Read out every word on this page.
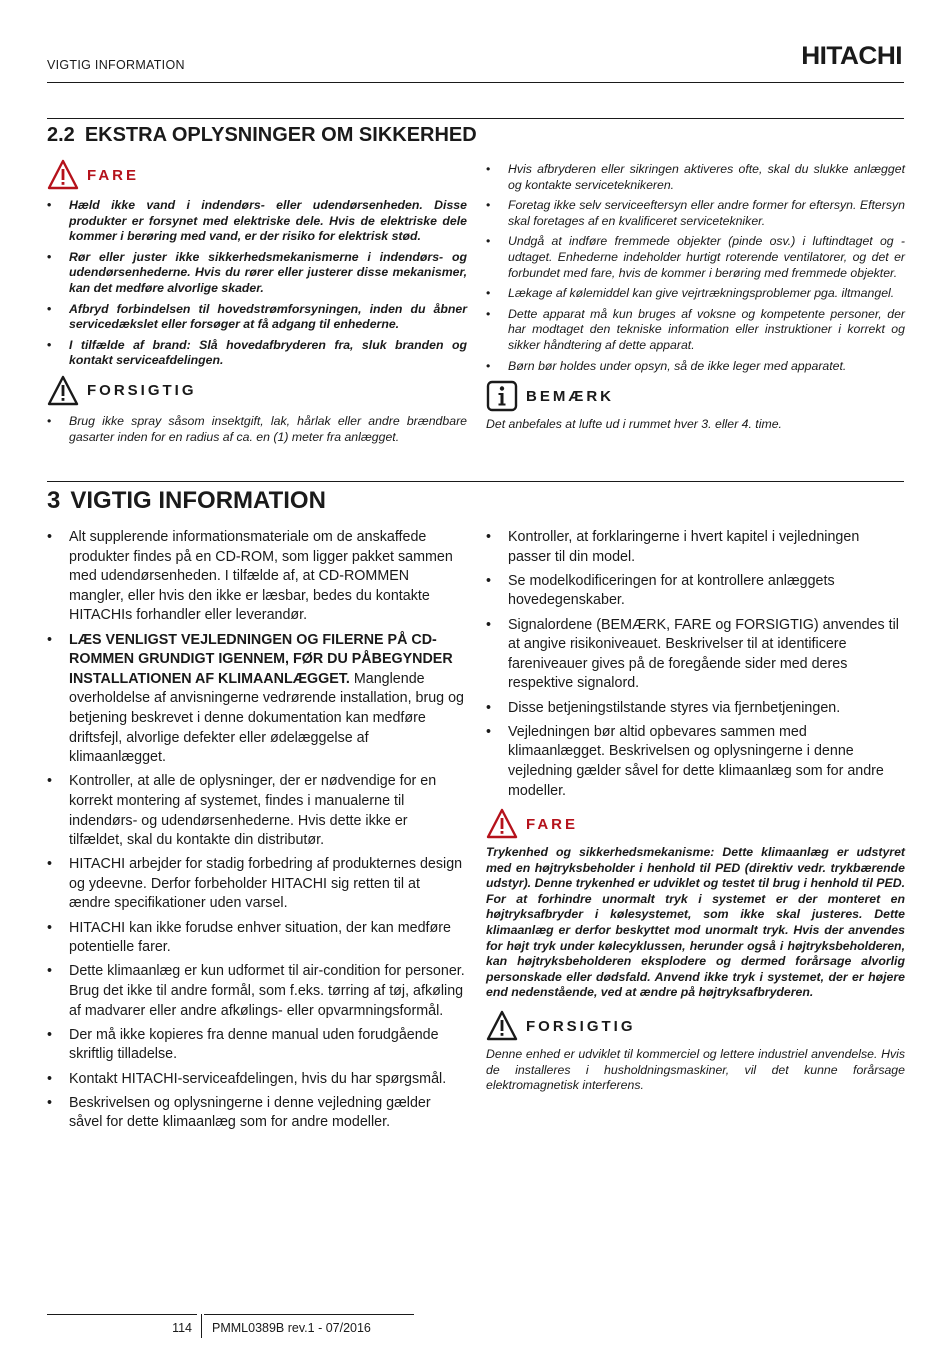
VIGTIG INFORMATION	HITACHI
2.2 EKSTRA OPLYSNINGER OM SIKKERHED
FARE
• Hæld ikke vand i indendørs- eller udendørsenheden. Disse produkter er forsynet med elektriske dele. Hvis de elektriske dele kommer i berøring med vand, er der risiko for elektrisk stød.
• Rør eller juster ikke sikkerhedsmekanismerne i indendørs- og udendørsenhederne. Hvis du rører eller justerer disse mekanismer, kan det medføre alvorlige skader.
• Afbryd forbindelsen til hovedstrømforsyningen, inden du åbner servicedækslet eller forsøger at få adgang til enhederne.
• I tilfælde af brand: Slå hovedafbryderen fra, sluk branden og kontakt serviceafdelingen.
FORSIGTIG
• Brug ikke spray såsom insektgift, lak, hårlak eller andre brændbare gasarter inden for en radius af ca. en (1) meter fra anlægget.
• Hvis afbryderen eller sikringen aktiveres ofte, skal du slukke anlægget og kontakte serviceteknikeren.
• Foretag ikke selv serviceeftersyn eller andre former for eftersyn. Eftersyn skal foretages af en kvalificeret servicetekniker.
• Undgå at indføre fremmede objekter (pinde osv.) i luftindtaget og -udtaget. Enhederne indeholder hurtigt roterende ventilatorer, og det er forbundet med fare, hvis de kommer i berøring med fremmede objekter.
• Lækage af kølemiddel kan give vejrtrækningsproblemer pga. iltmangel.
• Dette apparat må kun bruges af voksne og kompetente personer, der har modtaget den tekniske information eller instruktioner i korrekt og sikker håndtering af dette apparat.
• Børn bør holdes under opsyn, så de ikke leger med apparatet.
BEMÆRK

Det anbefales at lufte ud i rummet hver 3. eller 4. time.

3 VIGTIG INFORMATION
• Alt supplerende informationsmateriale om de anskaffede produkter findes på en CD-ROM, som ligger pakket sammen med udendørsenheden. I tilfælde af, at CD-ROMMEN mangler, eller hvis den ikke er læsbar, bedes du kontakte HITACHIs forhandler eller leverandør.
• LÆS VENLIGST VEJLEDNINGEN OG FILERNE PÅ CD-ROMMEN GRUNDIGT IGENNEM, FØR DU PÅBEGYNDER INSTALLATIONEN AF KLIMAANLÆGGET. Manglende overholdelse af anvisningerne vedrørende installation, brug og betjening beskrevet i denne dokumentation kan medføre driftsfejl, alvorlige defekter eller ødelæggelse af klimaanlægget.
• Kontroller, at alle de oplysninger, der er nødvendige for en korrekt montering af systemet, findes i manualerne til indendørs- og udendørsenhederne. Hvis dette ikke er tilfældet, skal du kontakte din distributør.
• HITACHI arbejder for stadig forbedring af produkternes design og ydeevne. Derfor forbeholder HITACHI sig retten til at ændre specifikationer uden varsel.
• HITACHI kan ikke forudse enhver situation, der kan medføre potentielle farer.
• Dette klimaanlæg er kun udformet til air-condition for personer. Brug det ikke til andre formål, som f.eks. tørring af tøj, afkøling af madvarer eller andre afkølings- eller opvarmningsformål.
• Der må ikke kopieres fra denne manual uden forudgående skriftlig tilladelse.
• Kontakt HITACHI-serviceafdelingen, hvis du har spørgsmål.
• Beskrivelsen og oplysningerne i denne vejledning gælder såvel for dette klimaanlæg som for andre modeller.
• Kontroller, at forklaringerne i hvert kapitel i vejledningen passer til din model.
• Se modelkodificeringen for at kontrollere anlæggets hovedegenskaber.
• Signalordene (BEMÆRK, FARE og FORSIGTIG) anvendes til at angive risikoniveauet. Beskrivelser til at identificere fareniveauer gives på de foregående sider med deres respektive signalord.
• Disse betjeningstilstande styres via fjernbetjeningen.
• Vejledningen bør altid opbevares sammen med klimaanlægget. Beskrivelsen og oplysningerne i denne vejledning gælder såvel for dette klimaanlæg som for andre modeller.
FARE

Trykenhed og sikkerhedsmekanisme: Dette klimaanlæg er udstyret med en højtryksbeholder i henhold til PED (direktiv vedr. trykbærende udstyr). Denne trykenhed er udviklet og testet til brug i henhold til PED. For at forhindre unormalt tryk i systemet er der monteret en højtryksafbryder i kølesystemet, som ikke skal justeres. Dette klimaanlæg er derfor beskyttet mod unormalt tryk. Hvis der anvendes for højt tryk under kølecyklussen, herunder også i højtryksbeholderen, kan højtryksbeholderen eksplodere og dermed forårsage alvorlig personskade eller dødsfald. Anvend ikke tryk i systemet, der er højere end nedenstående, ved at ændre på højtryksafbryderen.

FORSIGTIG

Denne enhed er udviklet til kommerciel og lettere industriel anvendelse. Hvis de installeres i husholdningsmaskiner, vil det kunne forårsage elektromagnetisk interferens.

114 PMML0389B rev.1 - 07/2016
